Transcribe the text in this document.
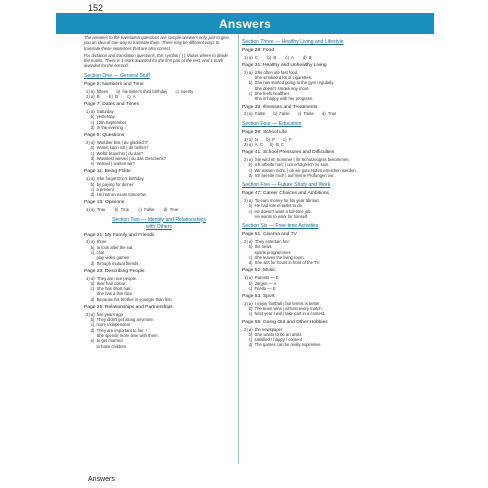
152
Answers
The answers to the translation questions are sample answers only, just to give you an idea of one way to translate them. There may be different ways to translate these sentences that are also correct.
For dictation and translation questions, this symbol ( | ) shows where to divide the marks. There is 1 mark awarded for the first part of the text, and 1 mark awarded for the second.
Section One — General Stuff
Page 5: Numbers and Time
1) a)  fifteen       b)  his sister's third birthday       c)  twenty
2) a)  B        b)  B        c)  A
Page 7: Dates and Times
1) a)  Saturday
b)  yesterday
c)  12th September
d)  In the evening
Page 9: Questions
2) a)  Wo/über bist | du glücklich?
b)  Womit kann ich | dir helfen?
c)  Wofür brauchst | du das?
d)  Wüsstest wieviel | du das Geschenk?
e)  Worauf | warten wir?
Page 11: Being Polite
1) a)  She forgot Eric's birthday.
b)  by paying for dinner
c)  a present
d)  He has an exam tomorrow.
Page 13: Opinions
1) a)  True        b)  True        c)  False        d)  True
Section Two — Identity and Relationships
with Others
Page 21: My Family and Friends
2) a)  three
b)  to look after the cat
c)  chat
play video games
d)  through mutual friends
Page 23: Describing People
1) a)  They are nice people.
b)  their hair colour
c)  She has short hair.
She has a thin face.
d)  Because his brother is younger than him.
Page 25: Relationships and Partnerships
2) a)  five years ago
b)  They didn't get along anymore.
c)  more independent
d)  They are important to her. /
She spends more time with them.
e)  to get married
to have children
Section Three — Healthy Living and Lifestyle
Page 29: Food
1) a)  C        b)  B        c)  A        d)  B
Page 31: Healthy and Unhealthy Living
2) a)  She often ate fast food.
She smoked a lot of cigarettes.
b)  She has started going to the gym regularly.
She doesn't smoke any more.
c)  She feels healthier.
She is happy with her progress.
Page 33: Illnesses and Treatments
2) a)  False       b)  False       c)  False       d)  True
Section Four — Education
Page 39: School Life
1) a)  N       b)  P       c)  P
2) a)  A, C      b)  B, C
Page 41: School Pressures and Difficulties
2) a)  Sie wird im Sommer | ihr Schulzeugnis bekommen.
b)  Ich arbeite hart, | um erfolgreich zu sein.
c)  Wir wissen nicht, | ob wir gute Noten erreichen werden.
d)  Ich bereite mich | auf meine Prüfungen vor.
Section Five — Future Study and Work
Page 47: Career Choices and Ambitions
2) a)  To earn money for his year abroad.
b)  He had lots of tasks to do.
c)  He doesn't want a full-time job.
He wants to work for himself.
Section Six — Free-time Activities
Page 51: Cinema and TV
2) a)  They entertain her.
b)  the news
sports programmes
c)  She leaves the living room.
d)  She sits for hours in front of the TV.
Page 52: Music
1) a)  Parents — E
b)  Jürgen — A
c)  Frieda — E
Page 53: Sport
1) a)  I enjoy football | but tennis is better.
b)  The team wins | almost every match.
c)  Next year I will | take part in a contest.
Page 55: Going Out and Other Hobbies
2) a)  the newspaper
b)  She wants to be an artist.
c)  satisfied / happy / content
d)  The games can be really expensive.
Answers
